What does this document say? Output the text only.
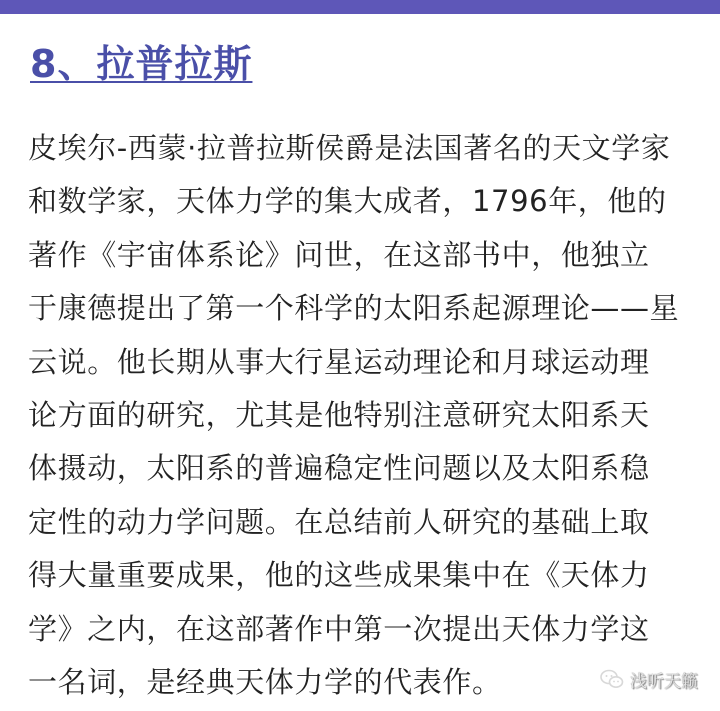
8、拉普拉斯
皮埃尔-西蒙·拉普拉斯侯爵是法国著名的天文学家
和数学家，天体力学的集大成者，1796年，他的
著作《宇宙体系论》问世，在这部书中，他独立
于康德提出了第一个科学的太阳系起源理论——星
云说。他长期从事大行星运动理论和月球运动理
论方面的研究，尤其是他特别注意研究太阳系天
体摄动，太阳系的普遍稳定性问题以及太阳系稳
定性的动力学问题。在总结前人研究的基础上取
得大量重要成果，他的这些成果集中在《天体力
学》之内，在这部著作中第一次提出天体力学这
一名词，是经典天体力学的代表作。	浅听天籁
